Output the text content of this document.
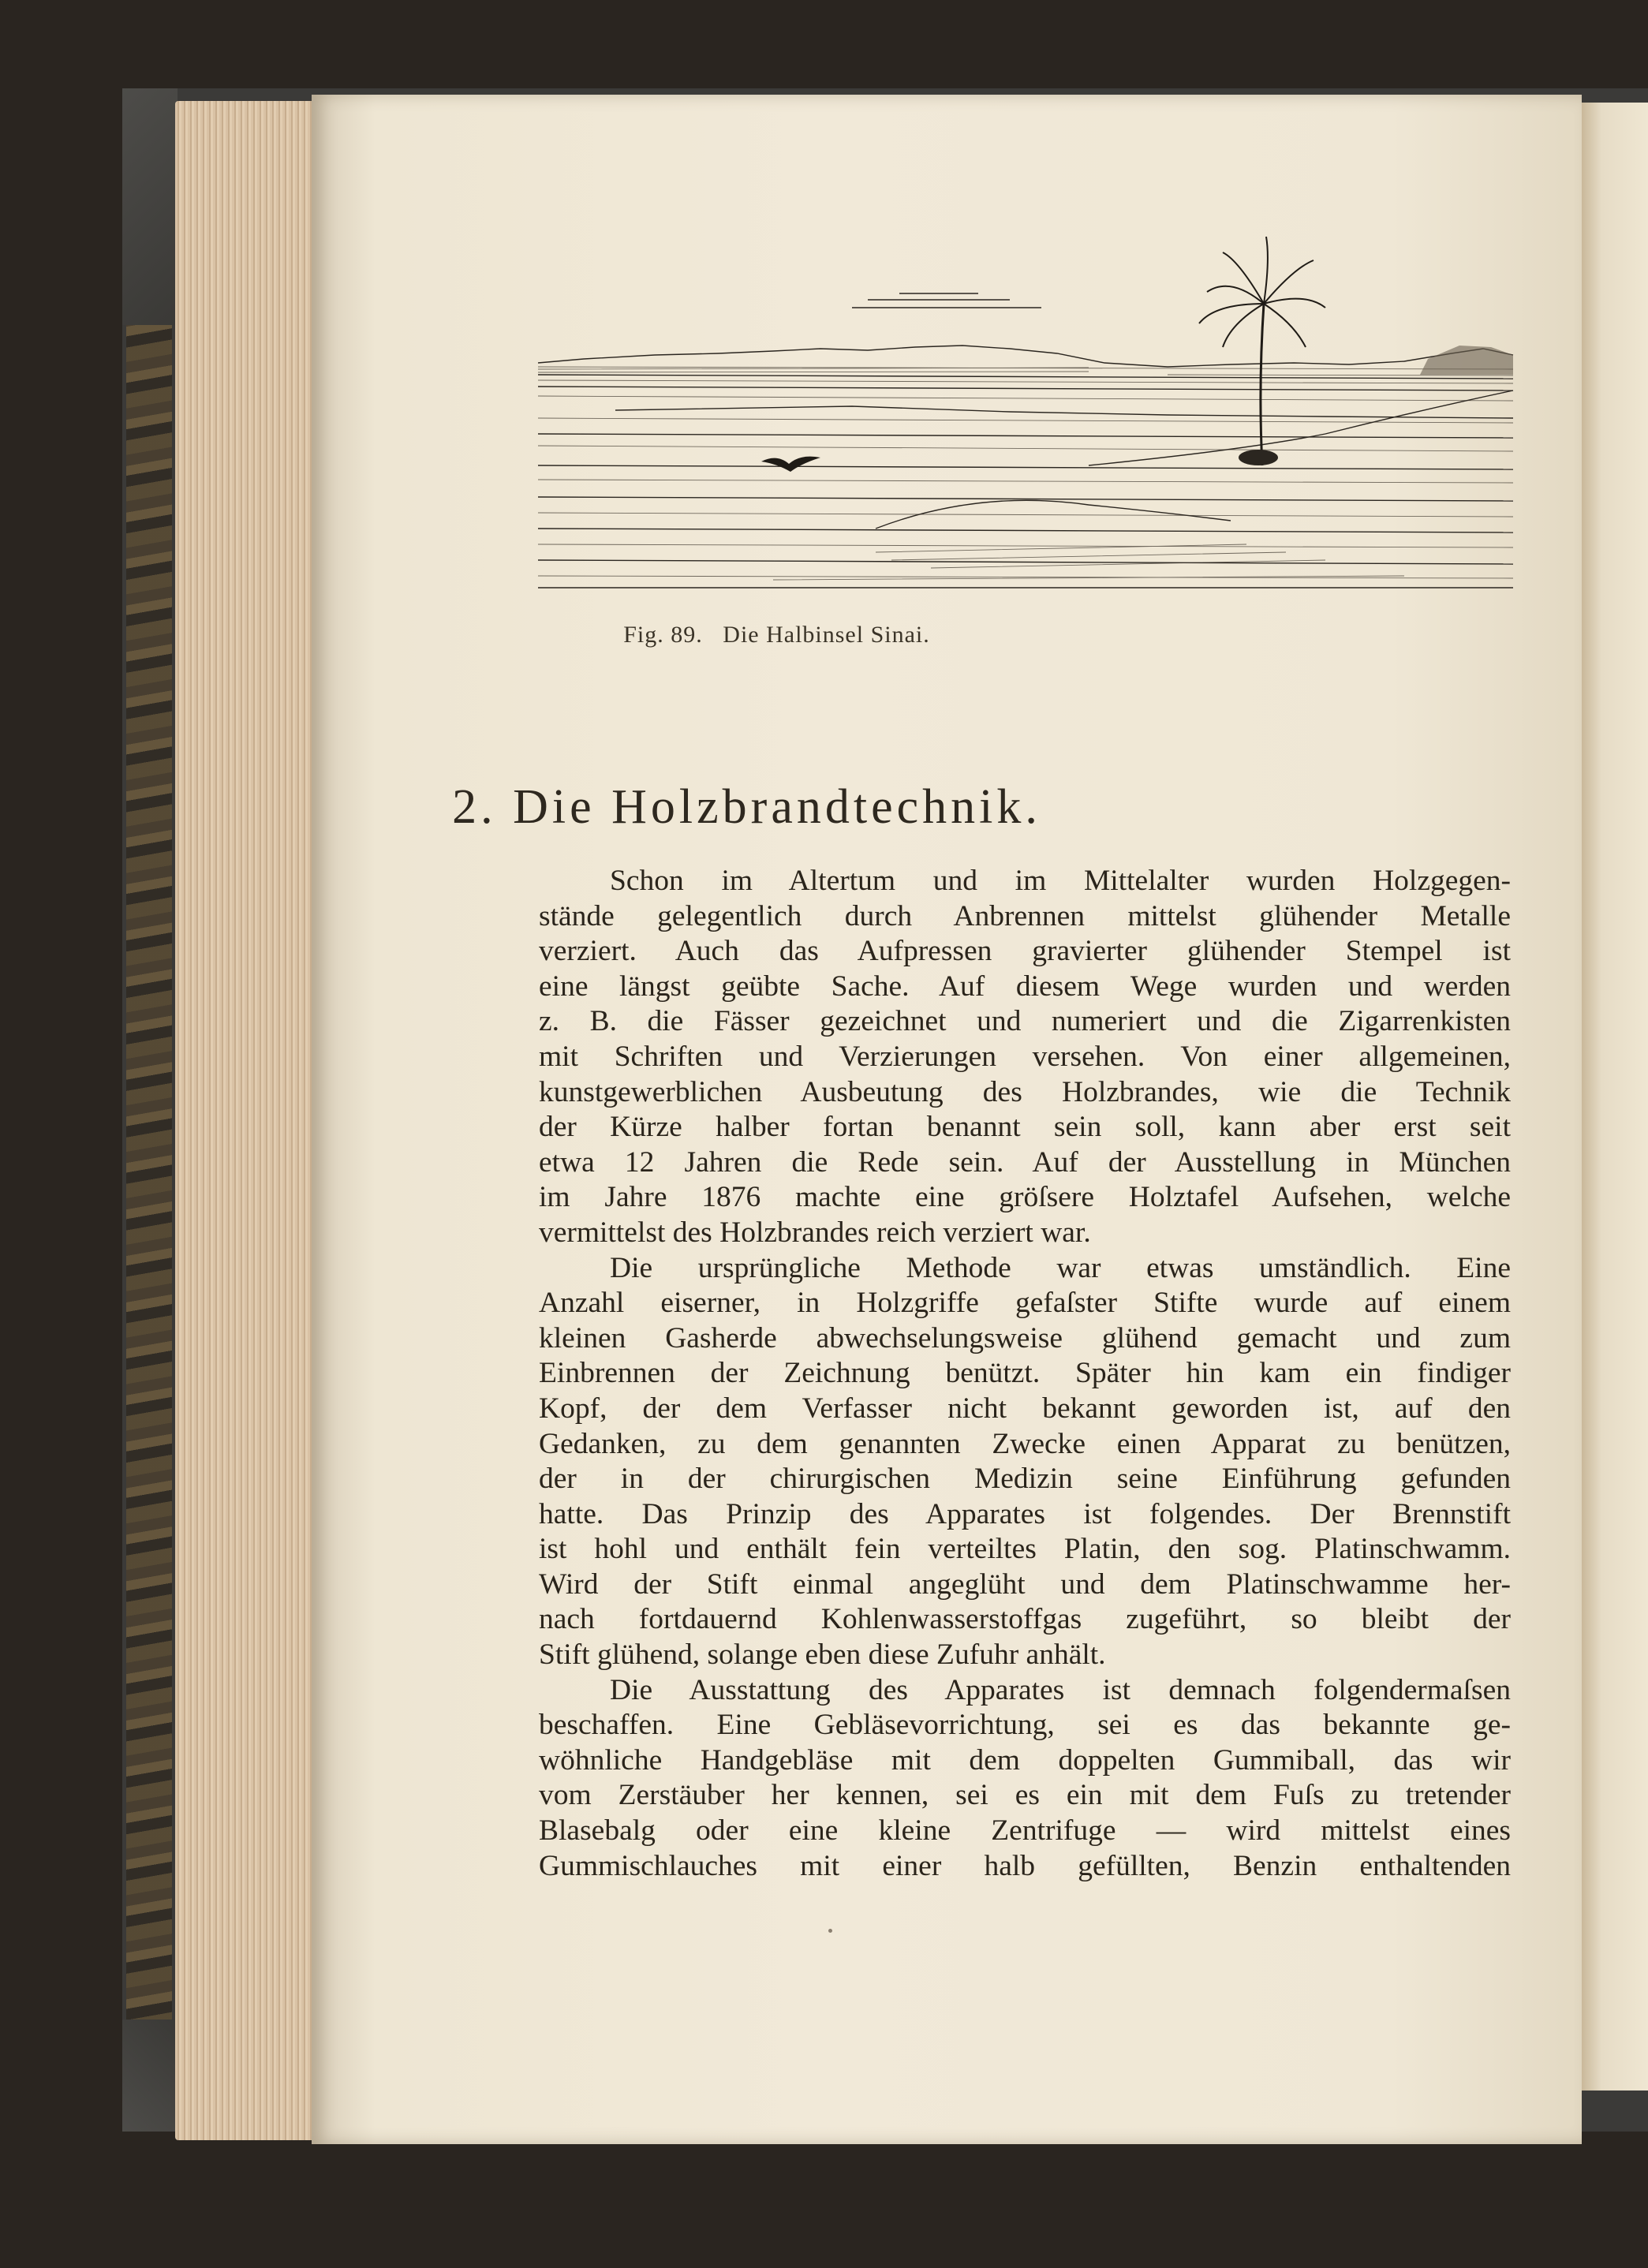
Fig. 89. Die Halbinsel Sinai.
2. Die Holzbrandtechnik.
Schon im Altertum und im Mittelalter wurden Holzgegen-
stände gelegentlich durch Anbrennen mittelst glühender Metalle
verziert. Auch das Aufpressen gravierter glühender Stempel ist
eine längst geübte Sache. Auf diesem Wege wurden und werden
z. B. die Fässer gezeichnet und numeriert und die Zigarrenkisten
mit Schriften und Verzierungen versehen. Von einer allgemeinen,
kunstgewerblichen Ausbeutung des Holzbrandes, wie die Technik
der Kürze halber fortan benannt sein soll, kann aber erst seit
etwa 12 Jahren die Rede sein. Auf der Ausstellung in München
im Jahre 1876 machte eine gröſsere Holztafel Aufsehen, welche
vermittelst des Holzbrandes reich verziert war.
Die ursprüngliche Methode war etwas umständlich. Eine
Anzahl eiserner, in Holzgriffe gefaſster Stifte wurde auf einem
kleinen Gasherde abwechselungsweise glühend gemacht und zum
Einbrennen der Zeichnung benützt. Später hin kam ein findiger
Kopf, der dem Verfasser nicht bekannt geworden ist, auf den
Gedanken, zu dem genannten Zwecke einen Apparat zu benützen,
der in der chirurgischen Medizin seine Einführung gefunden
hatte. Das Prinzip des Apparates ist folgendes. Der Brennstift
ist hohl und enthält fein verteiltes Platin, den sog. Platinschwamm.
Wird der Stift einmal angeglüht und dem Platinschwamme her-
nach fortdauernd Kohlenwasserstoffgas zugeführt, so bleibt der
Stift glühend, solange eben diese Zufuhr anhält.
Die Ausstattung des Apparates ist demnach folgendermaſsen
beschaffen. Eine Gebläsevorrichtung, sei es das bekannte ge-
wöhnliche Handgebläse mit dem doppelten Gummiball, das wir
vom Zerstäuber her kennen, sei es ein mit dem Fuſs zu tretender
Blasebalg oder eine kleine Zentrifuge — wird mittelst eines
Gummischlauches mit einer halb gefüllten, Benzin enthaltenden
